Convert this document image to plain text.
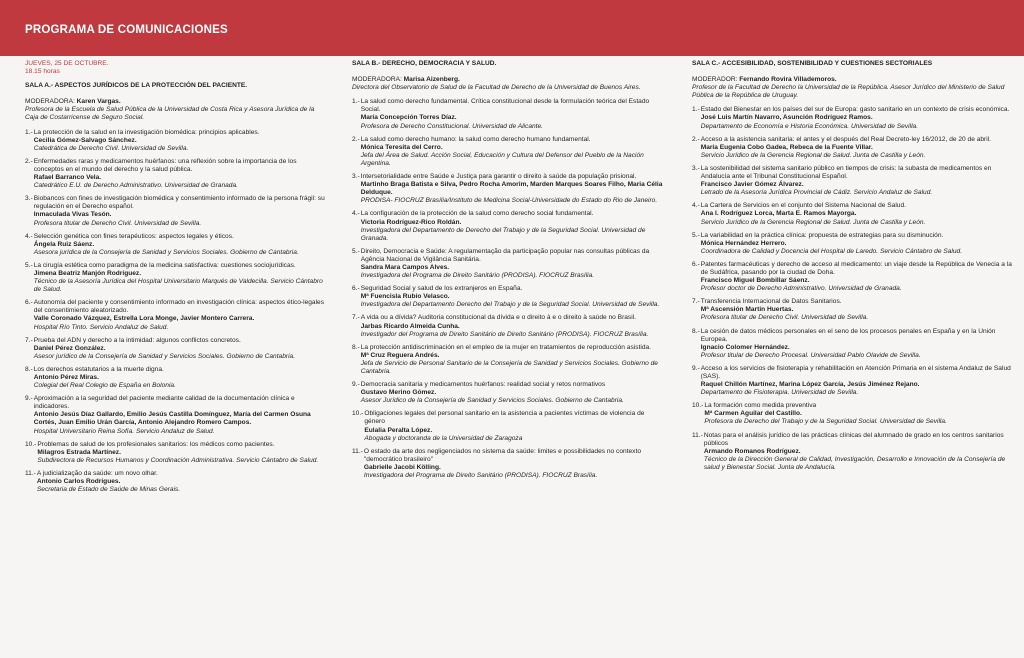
PROGRAMA DE COMUNICACIONES
JUEVES, 25 DE OCTUBRE.
18.15 horas
SALA A.- ASPECTOS JURÍDICOS DE LA PROTECCIÓN DEL PACIENTE.
MODERADORA: Karen Vargas.
Profesora de la Escuela de Salud Pública de la Universidad de Costa Rica y Asesora Jurídica de la Caja de Costarricense de Seguro Social.
1.- La protección de la salud en la investigación biomédica: principios aplicables.
Cecilia Gómez-Salvago Sánchez.
Catedrática de Derecho Civil. Universidad de Sevilla.
2.- Enfermedades raras y medicamentos huérfanos: una reflexión sobre la importancia de los conceptos en el mundo del derecho y la salud pública.
Rafael Barranco Vela.
Catedrático E.U. de Derecho Administrativo. Universidad de Granada.
3.- Biobancos con fines de investigación biomédica y consentimiento informado de la persona frágil: su regulación en el Derecho español.
Inmaculada Vivas Tesón.
Profesora titular de Derecho Civil. Universidad de Sevilla.
4.- Selección genética con fines terapéuticos: aspectos legales y éticos.
Ángela Ruiz Sáenz.
Asesora jurídica de la Consejería de Sanidad y Servicios Sociales. Gobierno de Cantabria.
5.- La cirugía estética como paradigma de la medicina satisfactiva: cuestiones sociojurídicas.
Jimena Beatriz Manjón Rodríguez.
Técnico de la Asesoría Jurídica del Hospital Universitario Marqués de Valdecilla. Servicio Cántabro de Salud.
6.- Autonomía del paciente y consentimiento informado en investigación clínica: aspectos ético-legales del consentimiento aleatorizado.
Valle Coronado Vázquez, Estrella Lora Monge, Javier Montero Carrera.
Hospital Río Tinto. Servicio Andaluz de Salud.
7.- Prueba del ADN y derecho a la intimidad: algunos conflictos concretos.
Daniel Pérez González.
Asesor jurídico de la Consejería de Sanidad y Servicios Sociales. Gobierno de Cantabria.
8.- Los derechos estatutarios a la muerte digna.
Antonio Pérez Miras.
Colegial del Real Colegio de España en Bolonia.
9.- Aproximación a la seguridad del paciente mediante calidad de la documentación clínica e indicadores.
Antonio Jesús Díaz Gallardo, Emilio Jesús Castilla Domínguez, María del Carmen Osuna Cortés, Juan Emilio Urán García, Antonio Alejandro Romero Campos.
Hospital Universitario Reina Sofía. Servicio Andaluz de Salud.
10.- Problemas de salud de los profesionales sanitarios: los médicos como pacientes.
Milagros Estrada Martínez.
Subdirectora de Recursos Humanos y Coordinación Administrativa. Servicio Cántabro de Salud.
11.- A judicialização da saúde: um novo olhar.
Antonio Carlos Rodrigues.
Secretaria de Estado de Saúde de Minas Gerais.
SALA B.- DERECHO, DEMOCRACIA Y SALUD.
MODERADORA: Marisa Aizenberg.
Directora del Observatorio de Salud de la Facultad de Derecho de la Universidad de Buenos Aires.
1.- La salud como derecho fundamental. Crítica constitucional desde la formulación teórica del Estado Social.
María Concepción Torres Díaz.
Profesora de Derecho Constitucional. Universidad de Alicante.
2.- La salud como derecho humano: la salud como derecho humano fundamental.
Mónica Teresita del Cerro.
Jefa del Área de Salud. Acción Social, Educación y Cultura del Defensor del Pueblo de la Nación Argentina.
3.- Intersetorialidade entre Saúde e Justiça para garantir o direito à saúde da população prisional.
Martinho Braga Batista e Silva, Pedro Rocha Amorim, Marden Marques Soares Filho, Maria Célia Delduque.
PRODISA- FIOCRUZ Brasília/Instituto de Medicina Social-Universidade do Estado do Rio de Janeiro.
4.- La configuración de la protección de la salud como derecho social fundamental.
Victoria Rodríguez-Rico Roldán.
Investigadora del Departamento de Derecho del Trabajo y de la Seguridad Social. Universidad de Granada.
5.- Direito, Democracia e Saúde: A regulamentação da participação popular nas consultas públicas da Agência Nacional de Vigilância Sanitária.
Sandra Mara Campos Alves.
Investigadora del Programa de Direito Sanitário (PRODISA). FIOCRUZ Brasília.
6.- Seguridad Social y salud de los extranjeros en España.
Mª Fuencisla Rubio Velasco.
Investigadora del Departamento Derecho del Trabajo y de la Seguridad Social. Universidad de Sevilla.
7.- A vida ou a dívida? Auditoria constitucional da dívida e o direito à e o direito à saúde no Brasil.
Jarbas Ricardo Almeida Cunha.
Investigador del Programa de Direito Sanitário de Direito Sanitário (PRODISA). FIOCRUZ Brasília.
8.- La protección antidiscriminación en el empleo de la mujer en tratamientos de reproducción asistida.
Mª Cruz Reguera Andrés.
Jefa de Servicio de Personal Sanitario de la Consejería de Sanidad y Servicios Sociales. Gobierno de Cantabria.
9.- Democracia sanitaria y medicamentos huérfanos: realidad social y retos normativos
Gustavo Merino Gómez.
Asesor Jurídico de la Consejería de Sanidad y Servicios Sociales. Gobierno de Cantabria.
10.- Obligaciones legales del personal sanitario en la asistencia a pacientes víctimas de violencia de género
Eulalia Peralta López.
Abogada y doctoranda de la Universidad de Zaragoza
11.- O estado da arte dos negligenciados no sistema da saúde: limites e possibilidades no contexto "democrático brasileiro"
Gabrielle Jacobi Kölling.
Investigadora del Programa de Direito Sanitário (PRODISA). FIOCRUZ Brasília.
SALA C.- ACCESIBILIDAD, SOSTENIBILIDAD Y CUESTIONES SECTORIALES
MODERADOR: Fernando Rovira Villademoros.
Profesor de la Facultad de Derecho la Universidad de la República. Asesor Jurídico del Ministerio de Salud Pública de la República de Uruguay.
1.- Estado del Bienestar en los países del sur de Europa: gasto sanitario en un contexto de crisis económica.
José Luis Martín Navarro, Asunción Rodríguez Ramos.
Departamento de Economía e Historia Económica. Universidad de Sevilla.
2.- Acceso a la asistencia sanitaria: el antes y el después del Real Decreto-ley 16/2012, de 20 de abril.
María Eugenia Cobo Gadea, Rebeca de la Fuente Villar.
Servicio Jurídico de la Gerencia Regional de Salud. Junta de Castilla y León.
3.- La sostenibilidad del sistema sanitario público en tiempos de crisis: la subasta de medicamentos en Andalucía ante el Tribunal Constitucional Español.
Francisco Javier Gómez Álvarez.
Letrado de la Asesoría Jurídica Provincial de Cádiz. Servicio Andaluz de Salud.
4.- La Cartera de Servicios en el conjunto del Sistema Nacional de Salud.
Ana I. Rodríguez Lorca, Marta E. Ramos Mayorga.
Servicio Jurídico de la Gerencia Regional de Salud. Junta de Castilla y León.
5.- La variabilidad en la práctica clínica: propuesta de estrategias para su disminución.
Mónica Hernández Herrero.
Coordinadora de Calidad y Docencia del Hospital de Laredo. Servicio Cántabro de Salud.
6.- Patentes farmacéuticas y derecho de acceso al medicamento: un viaje desde la República de Venecia a la de Sudáfrica, pasando por la ciudad de Doha.
Francisco Miguel Bombillar Sáenz.
Profesor doctor de Derecho Administrativo. Universidad de Granada.
7.- Transferencia Internacional de Datos Sanitarios.
Mª Ascensión Martín Huertas.
Profesora titular de Derecho Civil. Universidad de Sevilla.
8.- La cesión de datos médicos personales en el seno de los procesos penales en España y en la Unión Europea.
Ignacio Colomer Hernández.
Profesor titular de Derecho Procesal. Universidad Pablo Olavide de Sevilla.
9.- Acceso a los servicios de fisioterapia y rehabilitación en Atención Primaria en el sistema Andaluz de Salud (SAS).
Raquel Chillón Martínez, Marina López García, Jesús Jiménez Rejano.
Departamento de Fisioterapia. Universidad de Sevilla.
10.- La formación como medida preventiva
Mª Carmen Aguilar del Castillo.
Profesora de Derecho del Trabajo y de la Seguridad Social. Universidad de Sevilla.
11.- Notas para el análisis jurídico de las prácticas clínicas del alumnado de grado en los centros sanitarios públicos
Armando Romanos Rodríguez.
Técnico de la Dirección General de Calidad, Investigación, Desarrollo e Innovación de la Consejería de salud y Bienestar Social. Junta de Andalucía.
